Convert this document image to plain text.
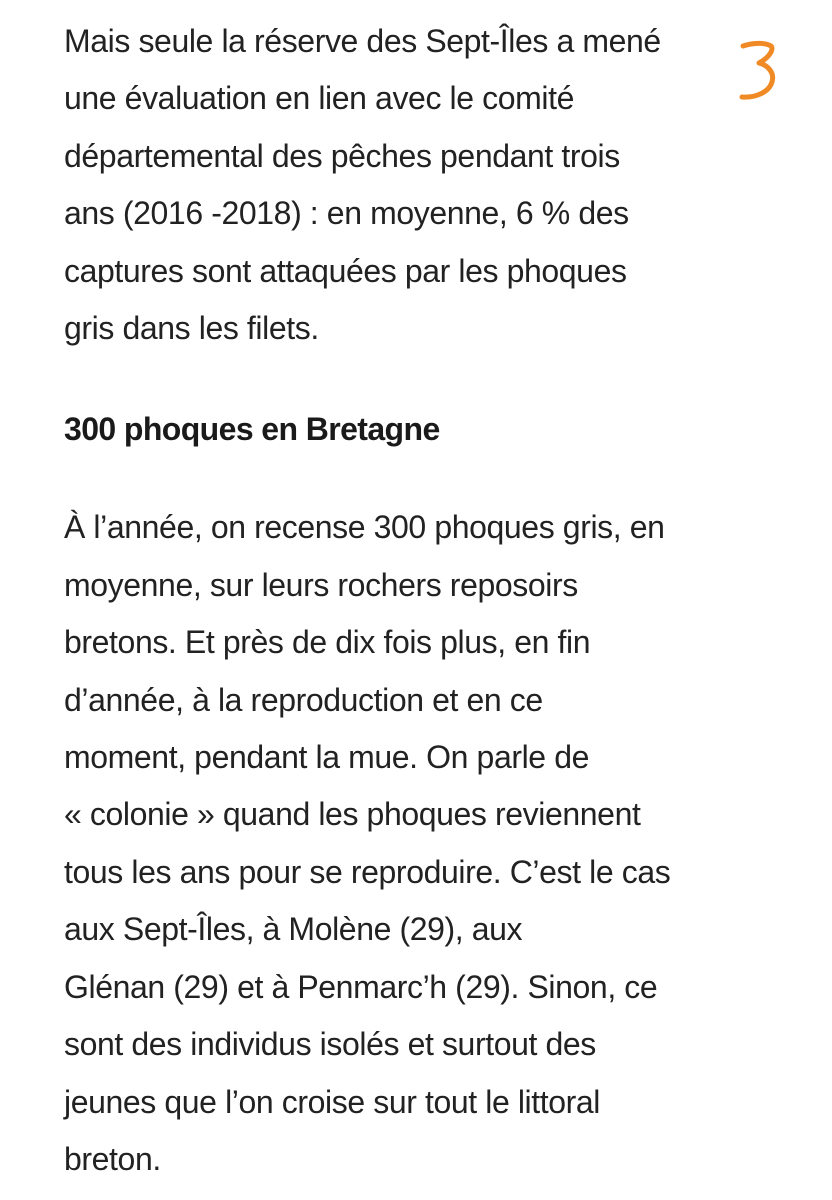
Mais seule la réserve des Sept-Îles a mené
une évaluation en lien avec le comité
départemental des pêches pendant trois
ans (2016 -2018) : en moyenne, 6 % des
captures sont attaquées par les phoques
gris dans les filets.

300 phoques en Bretagne

À l’année, on recense 300 phoques gris, en
moyenne, sur leurs rochers reposoirs
bretons. Et près de dix fois plus, en fin
d’année, à la reproduction et en ce
moment, pendant la mue. On parle de
« colonie » quand les phoques reviennent
tous les ans pour se reproduire. C’est le cas
aux Sept-Îles, à Molène (29), aux
Glénan (29) et à Penmarc’h (29). Sinon, ce
sont des individus isolés et surtout des
jeunes que l’on croise sur tout le littoral
breton.
